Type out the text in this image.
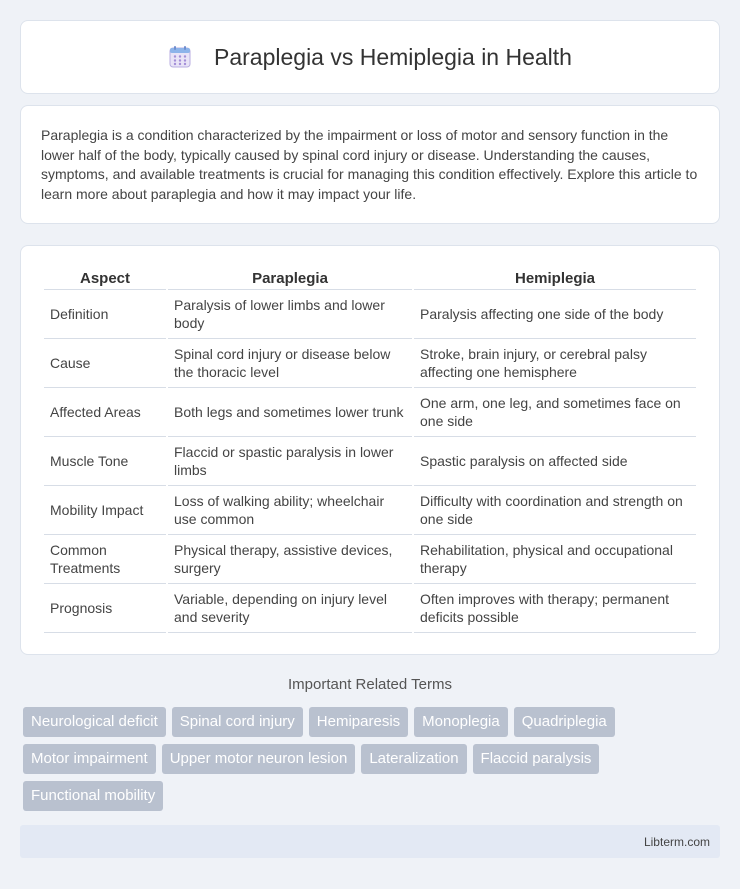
Paraplegia vs Hemiplegia in Health

Paraplegia is a condition characterized by the impairment or loss of motor and sensory function in the lower half of the body, typically caused by spinal cord injury or disease. Understanding the causes, symptoms, and available treatments is crucial for managing this condition effectively. Explore this article to learn more about paraplegia and how it may impact your life.

Aspect	Paraplegia	Hemiplegia
Definition	Paralysis of lower limbs and lower body	Paralysis affecting one side of the body
Cause	Spinal cord injury or disease below the thoracic level	Stroke, brain injury, or cerebral palsy affecting one hemisphere
Affected Areas	Both legs and sometimes lower trunk	One arm, one leg, and sometimes face on one side
Muscle Tone	Flaccid or spastic paralysis in lower limbs	Spastic paralysis on affected side
Mobility Impact	Loss of walking ability; wheelchair use common	Difficulty with coordination and strength on one side
Common Treatments	Physical therapy, assistive devices, surgery	Rehabilitation, physical and occupational therapy
Prognosis	Variable, depending on injury level and severity	Often improves with therapy; permanent deficits possible
Important Related Terms
Neurological deficit	Spinal cord injury	Hemiparesis	Monoplegia	Quadriplegia
Motor impairment	Upper motor neuron lesion	Lateralization	Flaccid paralysis
Functional mobility
Libterm.com
